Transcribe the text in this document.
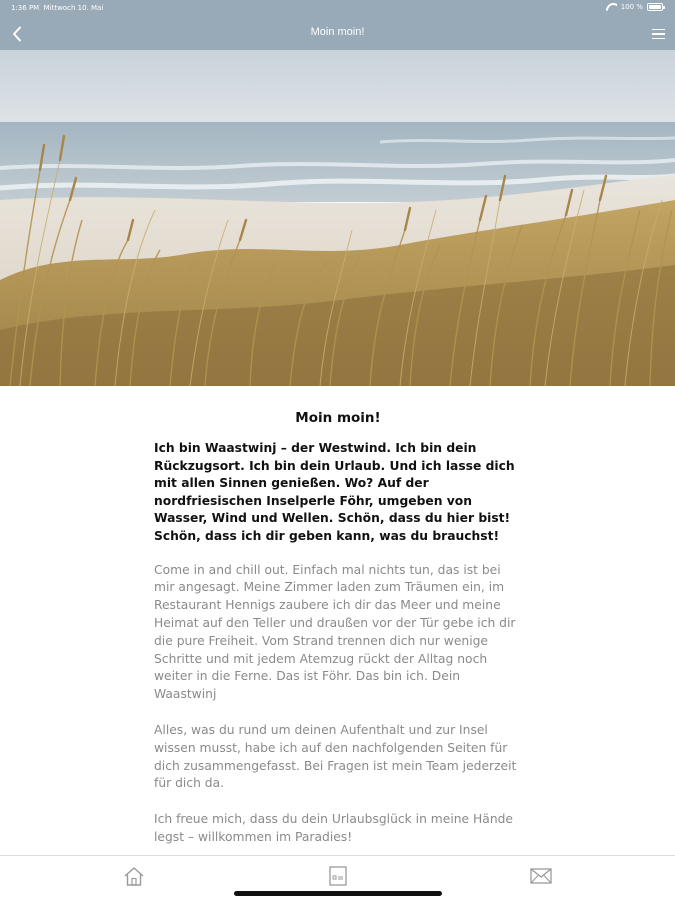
1:36 PM Mittwoch 10. Mai	100 %
Moin moin!
Moin moin!
Ich bin Waastwinj – der Westwind. Ich bin dein Rückzugsort. Ich bin dein Urlaub. Und ich lasse dich mit allen Sinnen genießen. Wo? Auf der nordfriesischen Inselperle Föhr, umgeben von Wasser, Wind und Wellen. Schön, dass du hier bist! Schön, dass ich dir geben kann, was du brauchst!
Come in and chill out. Einfach mal nichts tun, das ist bei mir angesagt. Meine Zimmer laden zum Träumen ein, im Restaurant Hennigs zaubere ich dir das Meer und meine Heimat auf den Teller und draußen vor der Tür gebe ich dir die pure Freiheit. Vom Strand trennen dich nur wenige Schritte und mit jedem Atemzug rückt der Alltag noch weiter in die Ferne. Das ist Föhr. Das bin ich. Dein Waastwinj
Alles, was du rund um deinen Aufenthalt und zur Insel wissen musst, habe ich auf den nachfolgenden Seiten für dich zusammengefasst. Bei Fragen ist mein Team jederzeit für dich da.
Ich freue mich, dass du dein Urlaubsglück in meine Hände legst – willkommen im Paradies!
